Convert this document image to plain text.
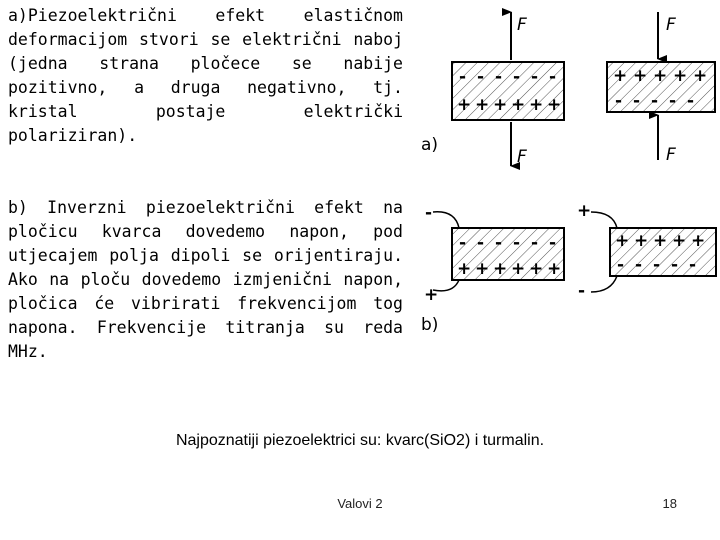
a)Piezoelektrični efekt elastičnom deformacijom stvori se električni naboj (jedna strana pločece se nabije pozitivno, a druga negativno, tj. kristal postaje električki polariziran).

b) Inverzni piezoelektrični efekt na pločicu kvarca dovedemo napon, pod utjecajem polja dipoli se orijentiraju. Ako na ploču dovedemo izmjenični napon, pločica će vibrirati frekvencijom tog napona. Frekvencije titranja su reda MHz.

F
F
- - - - - -
+ + + + + +
F
F
+ + + + +
- - - - -
a)
-
+
- - - - - -
+ + + + + +
+
-
+ + + + +
- - - - -
b)
Najpoznatiji piezoelektrici su: kvarc(SiO2) i turmalin.
Valovi 2	18
